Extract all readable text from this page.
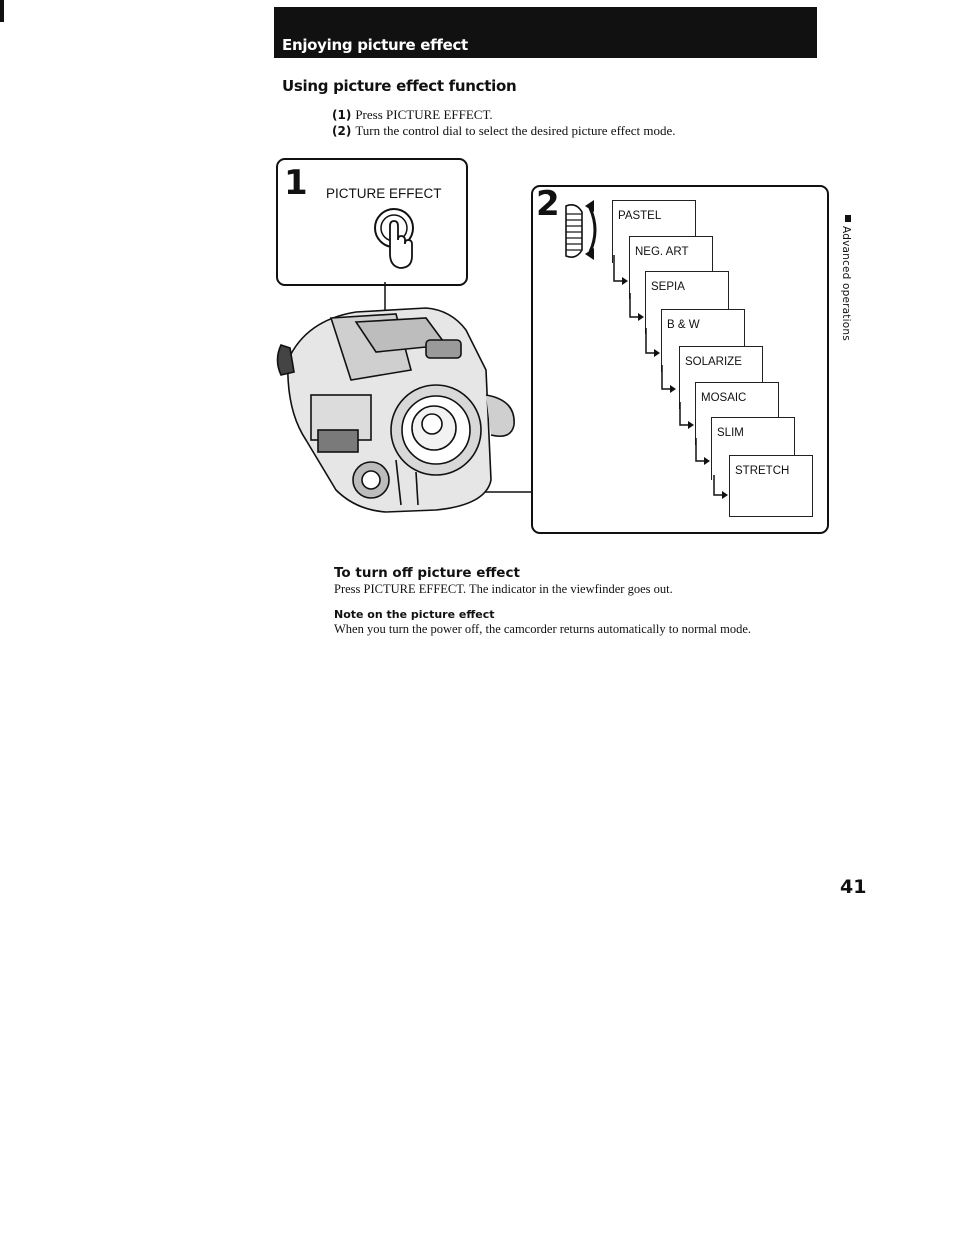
Enjoying picture effect
Using picture effect function
(1) Press PICTURE EFFECT.
(2) Turn the control dial to select the desired picture effect mode.
1 PICTURE EFFECT	2	PASTEL
NEG. ART
SEPIA
B & W
SOLARIZE
MOSAIC
SLIM
STRETCH
Advanced operations
To turn off picture effect
Press PICTURE EFFECT. The indicator in the viewfinder goes out.
Note on the picture effect
When you turn the power off, the camcorder returns automatically to normal mode.
41
